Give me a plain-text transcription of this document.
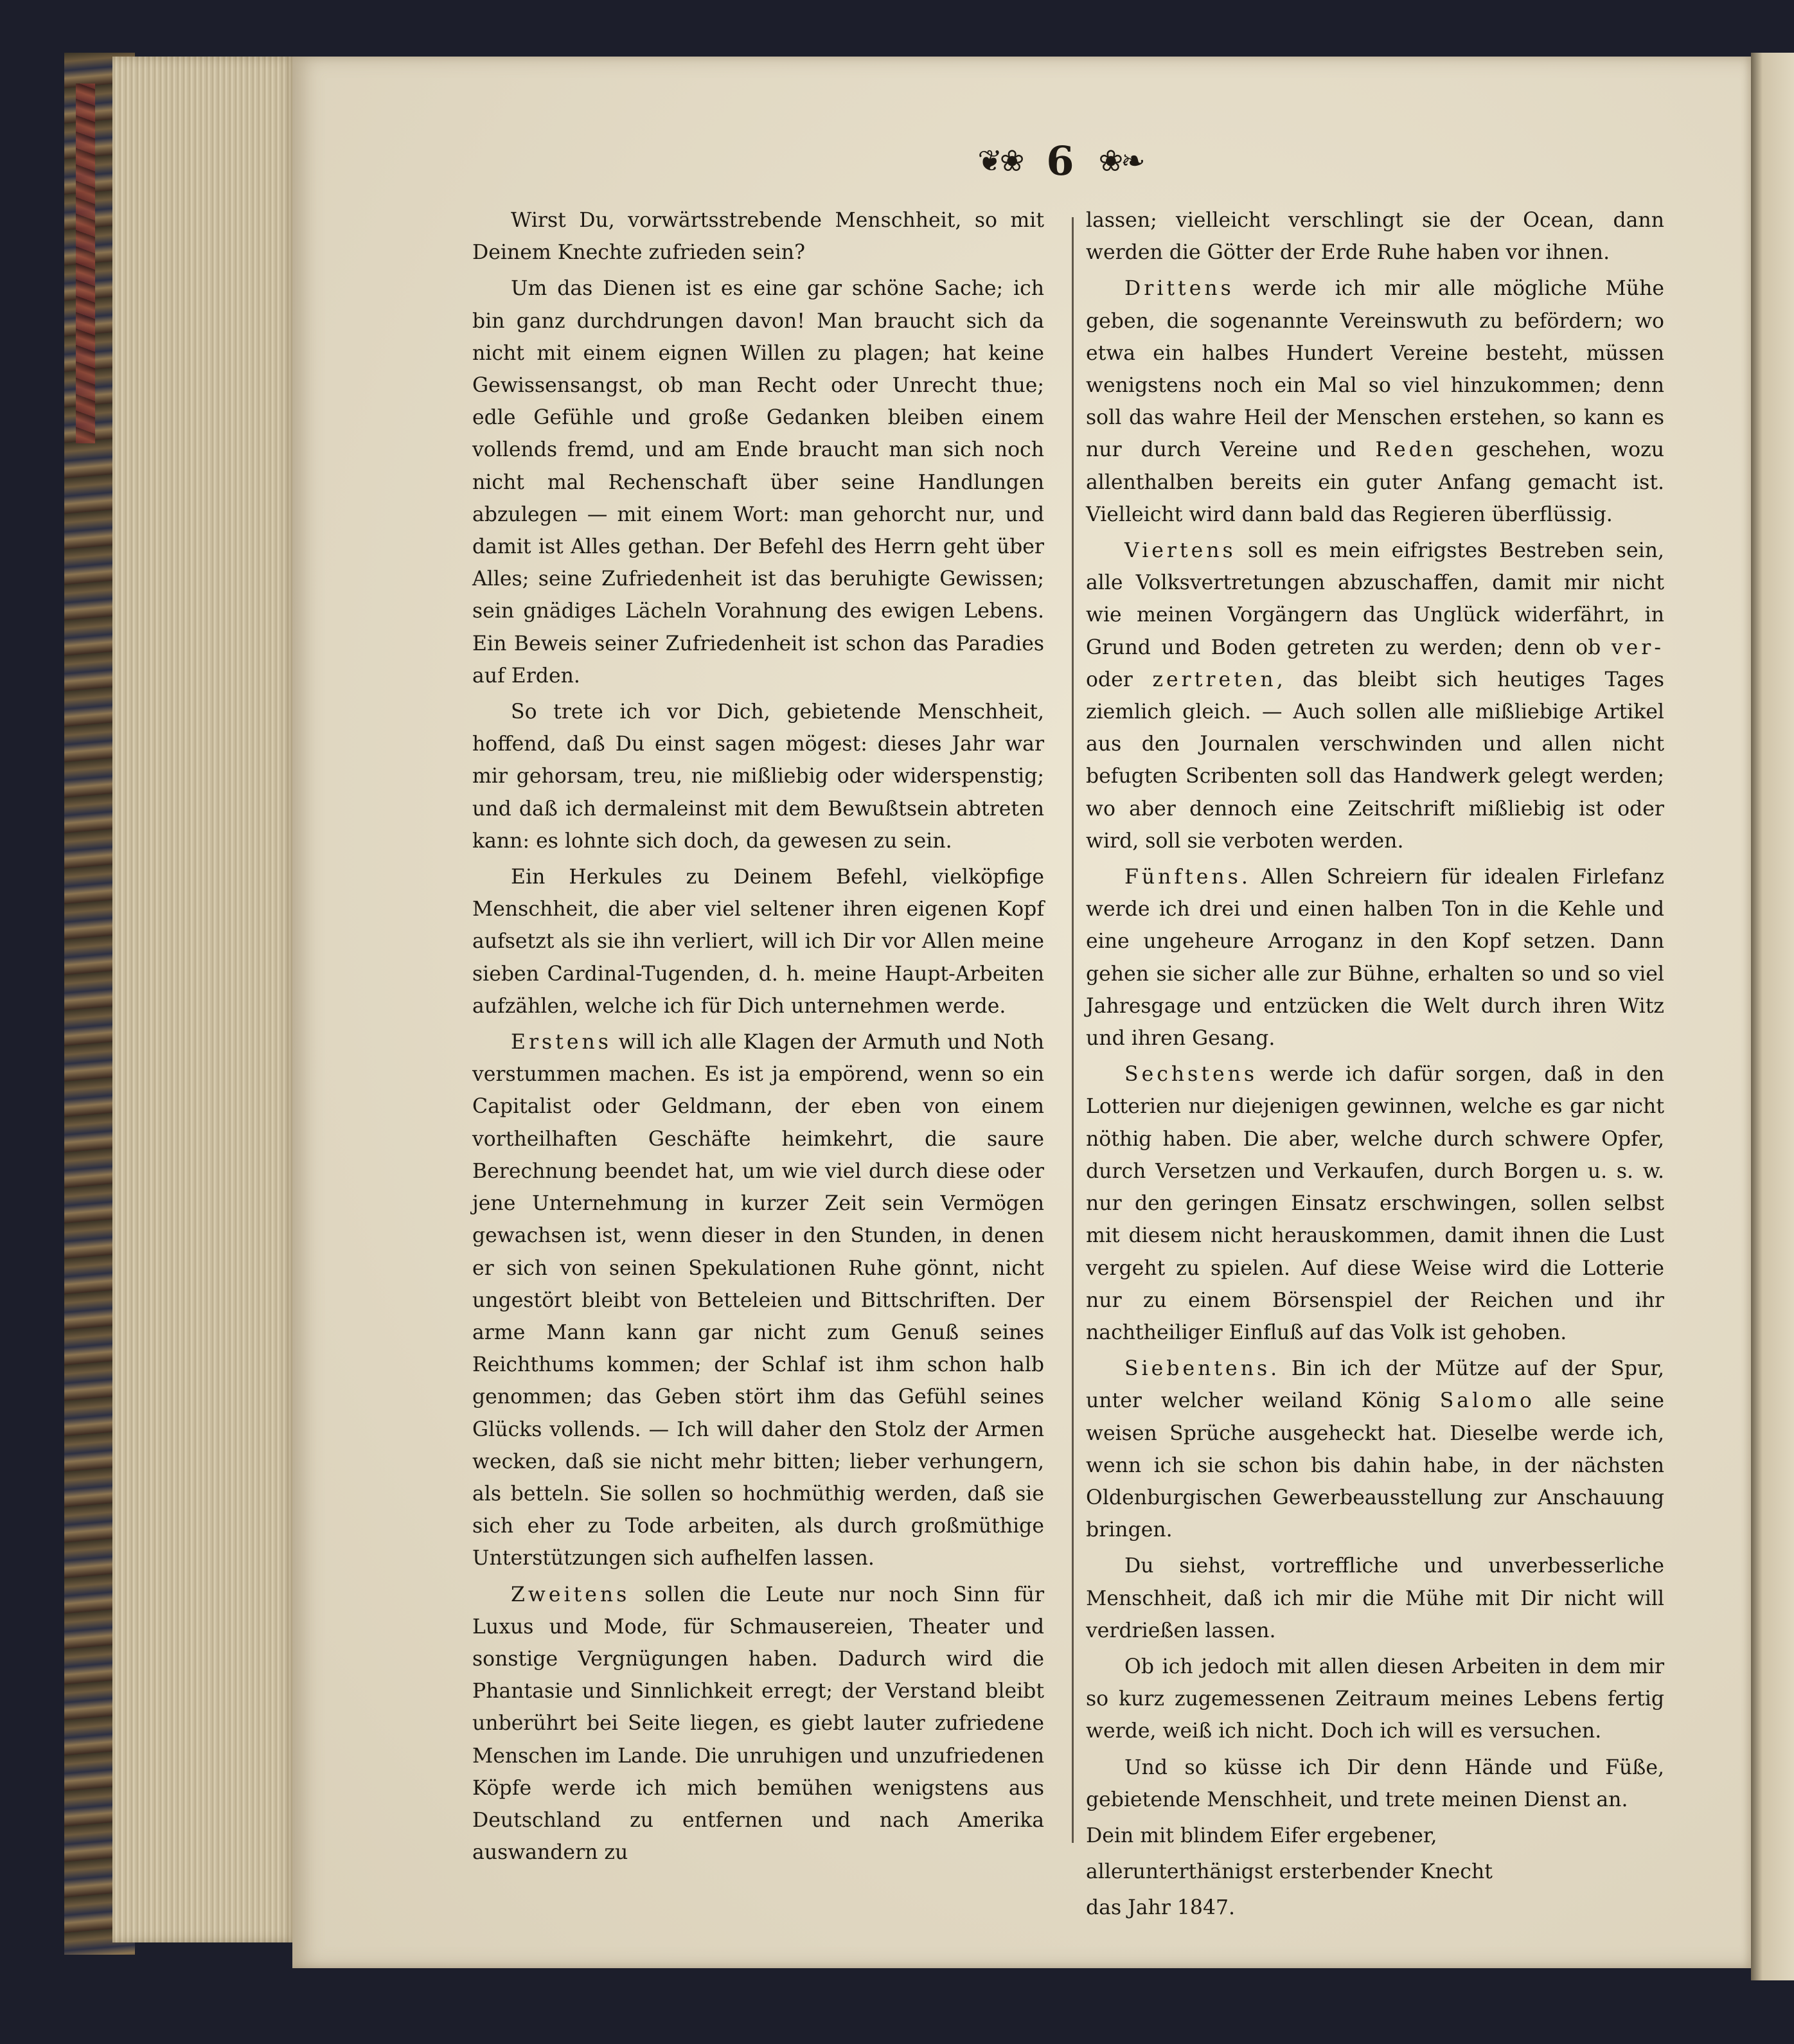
❦❀ 6 ❀❧

Wirst Du, vorwärtsstrebende Menschheit, so mit Deinem Knechte zufrieden sein?

Um das Dienen ist es eine gar schöne Sache; ich bin ganz durchdrungen davon! Man braucht sich da nicht mit einem eignen Willen zu plagen; hat keine Gewissensangst, ob man Recht oder Unrecht thue; edle Gefühle und große Gedanken bleiben einem vollends fremd, und am Ende braucht man sich noch nicht mal Rechenschaft über seine Handlungen abzulegen — mit einem Wort: man gehorcht nur, und damit ist Alles gethan. Der Befehl des Herrn geht über Alles; seine Zufriedenheit ist das beruhigte Gewissen; sein gnädiges Lächeln Vorahnung des ewigen Lebens. Ein Beweis seiner Zufriedenheit ist schon das Paradies auf Erden.

So trete ich vor Dich, gebietende Menschheit, hoffend, daß Du einst sagen mögest: dieses Jahr war mir gehorsam, treu, nie mißliebig oder widerspenstig; und daß ich dermaleinst mit dem Bewußtsein abtreten kann: es lohnte sich doch, da gewesen zu sein.

Ein Herkules zu Deinem Befehl, vielköpfige Menschheit, die aber viel seltener ihren eigenen Kopf aufsetzt als sie ihn verliert, will ich Dir vor Allen meine sieben Cardinal-Tugenden, d. h. meine Haupt-Arbeiten aufzählen, welche ich für Dich unternehmen werde.

Erstens will ich alle Klagen der Armuth und Noth verstummen machen. Es ist ja empörend, wenn so ein Capitalist oder Geldmann, der eben von einem vortheilhaften Geschäfte heimkehrt, die saure Berechnung beendet hat, um wie viel durch diese oder jene Unternehmung in kurzer Zeit sein Vermögen gewachsen ist, wenn dieser in den Stunden, in denen er sich von seinen Spekulationen Ruhe gönnt, nicht ungestört bleibt von Betteleien und Bittschriften. Der arme Mann kann gar nicht zum Genuß seines Reichthums kommen; der Schlaf ist ihm schon halb genommen; das Geben stört ihm das Gefühl seines Glücks vollends. — Ich will daher den Stolz der Armen wecken, daß sie nicht mehr bitten; lieber verhungern, als betteln. Sie sollen so hochmüthig werden, daß sie sich eher zu Tode arbeiten, als durch großmüthige Unterstützungen sich aufhelfen lassen.

Zweitens sollen die Leute nur noch Sinn für Luxus und Mode, für Schmausereien, Theater und sonstige Vergnügungen haben. Dadurch wird die Phantasie und Sinnlichkeit erregt; der Verstand bleibt unberührt bei Seite liegen, es giebt lauter zufriedene Menschen im Lande. Die unruhigen und unzufriedenen Köpfe werde ich mich bemühen wenigstens aus Deutschland zu entfernen und nach Amerika auswandern zu

lassen; vielleicht verschlingt sie der Ocean, dann werden die Götter der Erde Ruhe haben vor ihnen.

Drittens werde ich mir alle mögliche Mühe geben, die sogenannte Vereinswuth zu befördern; wo etwa ein halbes Hundert Vereine besteht, müssen wenigstens noch ein Mal so viel hinzukommen; denn soll das wahre Heil der Menschen erstehen, so kann es nur durch Vereine und Reden geschehen, wozu allenthalben bereits ein guter Anfang gemacht ist. Vielleicht wird dann bald das Regieren überflüssig.

Viertens soll es mein eifrigstes Bestreben sein, alle Volksvertretungen abzuschaffen, damit mir nicht wie meinen Vorgängern das Unglück widerfährt, in Grund und Boden getreten zu werden; denn ob ver- oder zertreten, das bleibt sich heutiges Tages ziemlich gleich. — Auch sollen alle mißliebige Artikel aus den Journalen verschwinden und allen nicht befugten Scribenten soll das Handwerk gelegt werden; wo aber dennoch eine Zeitschrift mißliebig ist oder wird, soll sie verboten werden.

Fünftens. Allen Schreiern für idealen Firlefanz werde ich drei und einen halben Ton in die Kehle und eine ungeheure Arroganz in den Kopf setzen. Dann gehen sie sicher alle zur Bühne, erhalten so und so viel Jahresgage und entzücken die Welt durch ihren Witz und ihren Gesang.

Sechstens werde ich dafür sorgen, daß in den Lotterien nur diejenigen gewinnen, welche es gar nicht nöthig haben. Die aber, welche durch schwere Opfer, durch Versetzen und Verkaufen, durch Borgen u. s. w. nur den geringen Einsatz erschwingen, sollen selbst mit diesem nicht herauskommen, damit ihnen die Lust vergeht zu spielen. Auf diese Weise wird die Lotterie nur zu einem Börsenspiel der Reichen und ihr nachtheiliger Einfluß auf das Volk ist gehoben.

Siebentens. Bin ich der Mütze auf der Spur, unter welcher weiland König Salomo alle seine weisen Sprüche ausgeheckt hat. Dieselbe werde ich, wenn ich sie schon bis dahin habe, in der nächsten Oldenburgischen Gewerbeausstellung zur Anschauung bringen.

Du siehst, vortreffliche und unverbesserliche Menschheit, daß ich mir die Mühe mit Dir nicht will verdrießen lassen.

Ob ich jedoch mit allen diesen Arbeiten in dem mir so kurz zugemessenen Zeitraum meines Lebens fertig werde, weiß ich nicht. Doch ich will es versuchen.

Und so küsse ich Dir denn Hände und Füße, gebietende Menschheit, und trete meinen Dienst an.

Dein mit blindem Eifer ergebener,

allerunterthänigst ersterbender Knecht

das Jahr 1847.
